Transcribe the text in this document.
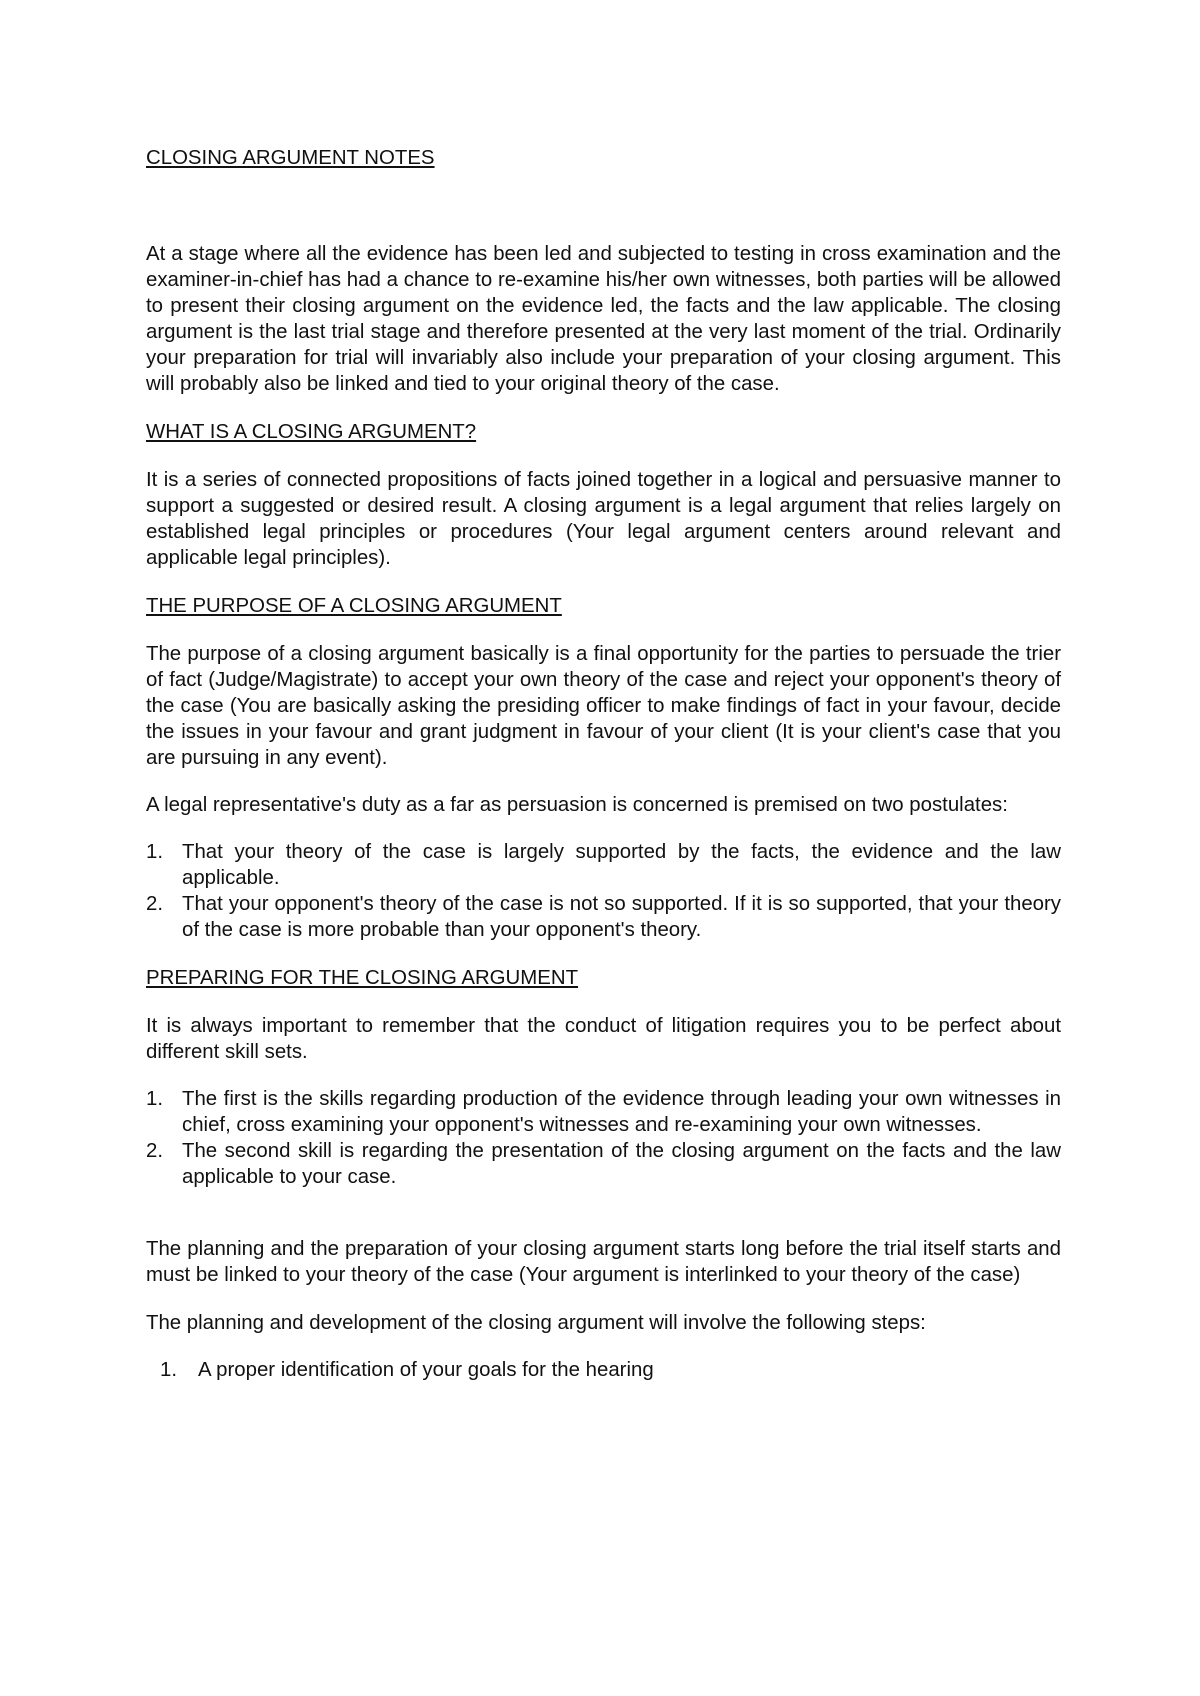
CLOSING ARGUMENT NOTES

At a stage where all the evidence has been led and subjected to testing in cross examination and the examiner-in-chief has had a chance to re-examine his/her own witnesses, both parties will be allowed to present their closing argument on the evidence led, the facts and the law applicable. The closing argument is the last trial stage and therefore presented at the very last moment of the trial. Ordinarily your preparation for trial will invariably also include your preparation of your closing argument. This will probably also be linked and tied to your original theory of the case.

WHAT IS A CLOSING ARGUMENT?

It is a series of connected propositions of facts joined together in a logical and persuasive manner to support a suggested or desired result. A closing argument is a legal argument that relies largely on established legal principles or procedures (Your legal argument centers around relevant and applicable legal principles).

THE PURPOSE OF A CLOSING ARGUMENT

The purpose of a closing argument basically is a final opportunity for the parties to persuade the trier of fact (Judge/Magistrate) to accept your own theory of the case and reject your opponent's theory of the case (You are basically asking the presiding officer to make findings of fact in your favour, decide the issues in your favour and grant judgment in favour of your client (It is your client's case that you are pursuing in any event).

A legal representative's duty as a far as persuasion is concerned is premised on two postulates:

1. That your theory of the case is largely supported by the facts, the evidence and the law applicable.
2. That your opponent's theory of the case is not so supported. If it is so supported, that your theory of the case is more probable than your opponent's theory.
PREPARING FOR THE CLOSING ARGUMENT

It is always important to remember that the conduct of litigation requires you to be perfect about different skill sets.

1. The first is the skills regarding production of the evidence through leading your own witnesses in chief, cross examining your opponent's witnesses and re-examining your own witnesses.
2. The second skill is regarding the presentation of the closing argument on the facts and the law applicable to your case.

The planning and the preparation of your closing argument starts long before the trial itself starts and must be linked to your theory of the case (Your argument is interlinked to your theory of the case)

The planning and development of the closing argument will involve the following steps:

1. A proper identification of your goals for the hearing
